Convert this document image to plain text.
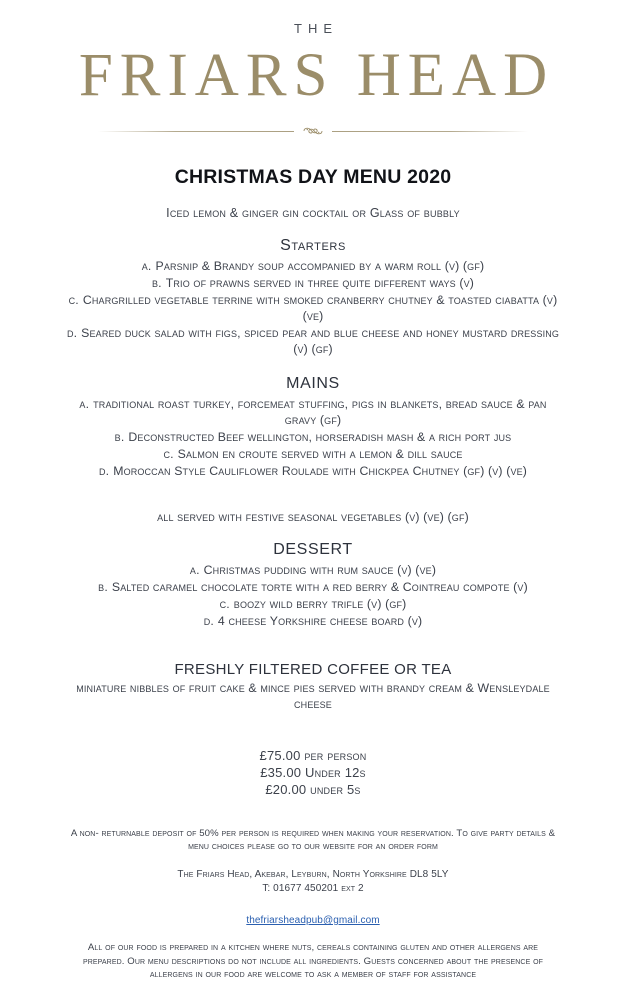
THE
FRIARS HEAD
CHRISTMAS DAY MENU 2020
Iced lemon & ginger gin cocktail or Glass of bubbly
Starters
a. Parsnip & Brandy soup accompanied by a warm roll (v) (gf)
b. Trio of prawns served in three quite different ways (v)
c. Chargrilled vegetable terrine with smoked cranberry chutney & toasted ciabatta (v) (ve)
d. Seared duck salad with figs, spiced pear and blue cheese and honey mustard dressing (v) (gf)
MAINS
a. traditional roast turkey, forcemeat stuffing, pigs in blankets, bread sauce & pan gravy (gf)
b. Deconstructed Beef wellington, horseradish mash & a rich port jus
c. Salmon en croute served with a lemon & dill sauce
d. Moroccan Style Cauliflower Roulade with Chickpea Chutney (gf) (v) (ve)
all served with festive seasonal vegetables (v) (ve) (gf)
DESSERT
a. Christmas pudding with rum sauce (v) (ve)
b. Salted caramel chocolate torte with a red berry & Cointreau compote (v)
c. boozy wild berry trifle (v) (gf)
d. 4 cheese Yorkshire cheese board (v)
FRESHLY FILTERED COFFEE OR TEA
miniature nibbles of fruit cake & mince pies served with brandy cream & Wensleydale cheese
£75.00 per person
£35.00 Under 12s
£20.00 under 5s
A non- returnable deposit of 50% per person is required when making your reservation. To give party details & menu choices please go to our website for an order form
The Friars Head, Akebar, Leyburn, North Yorkshire DL8 5LY
T: 01677 450201 ext 2
thefriarsheadpub@gmail.com
All of our food is prepared in a kitchen where nuts, cereals containing gluten and other allergens are prepared. Our menu descriptions do not include all ingredients. Guests concerned about the presence of allergens in our food are welcome to ask a member of staff for assistance
